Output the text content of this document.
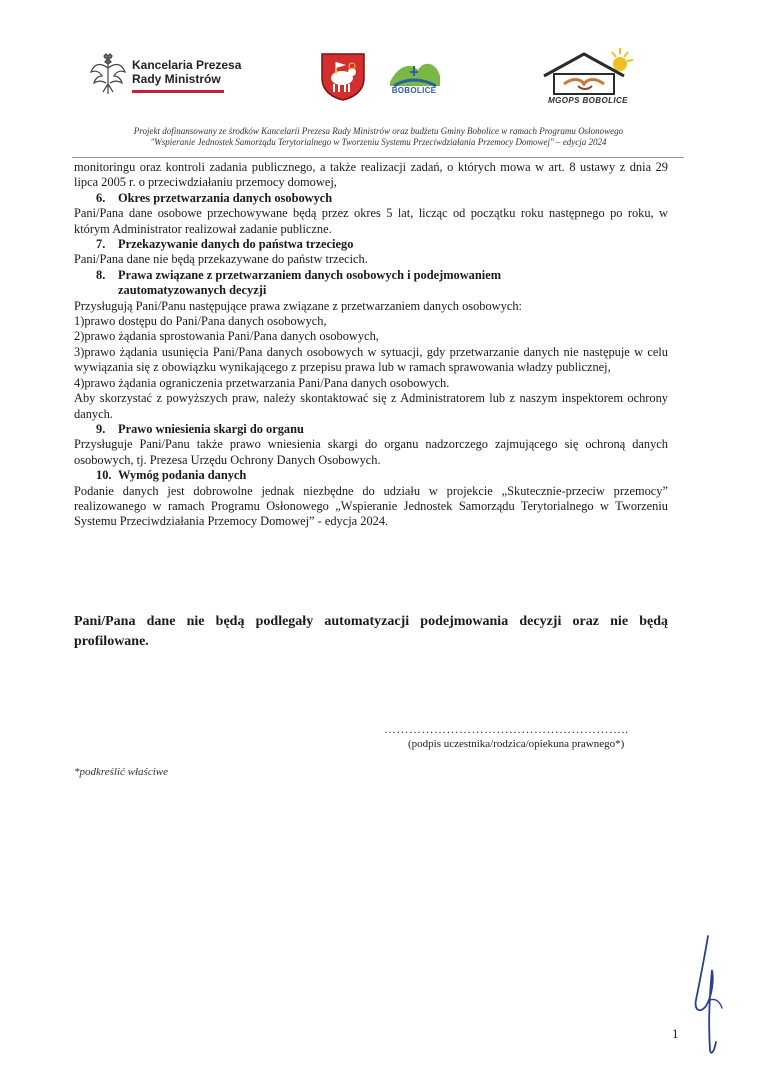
Kancelaria Prezesa
Rady Ministrów
BOBOLICE
MGOPS BOBOLICE
Projekt dofinansowany ze środków Kancelarii Prezesa Rady Ministrów oraz budżetu Gminy Bobolice w ramach Programu Osłonowego
"Wspieranie Jednostek Samorządu Terytorialnego w Tworzeniu Systemu Przeciwdziałania Przemocy Domowej" – edycja 2024

monitoringu oraz kontroli zadania publicznego, a także realizacji zadań, o których mowa w art. 8 ustawy z dnia 29 lipca 2005 r. o przeciwdziałaniu przemocy domowej,

6. Okres przetwarzania danych osobowych

Pani/Pana dane osobowe przechowywane będą przez okres 5 lat, licząc od początku roku następnego po roku, w którym Administrator realizował zadanie publiczne.

7. Przekazywanie danych do państwa trzeciego

Pani/Pana dane nie będą przekazywane do państw trzecich.

8.	Prawa związane z przetwarzaniem danych osobowych i podejmowaniem
zautomatyzowanych decyzji

Przysługują Pani/Panu następujące prawa związane z przetwarzaniem danych osobowych:

1)prawo dostępu do Pani/Pana danych osobowych,

2)prawo żądania sprostowania Pani/Pana danych osobowych,

3)prawo żądania usunięcia Pani/Pana danych osobowych w sytuacji, gdy przetwarzanie danych nie następuje w celu wywiązania się z obowiązku wynikającego z przepisu prawa lub w ramach sprawowania władzy publicznej,

4)prawo żądania ograniczenia przetwarzania Pani/Pana danych osobowych.

Aby skorzystać z powyższych praw, należy skontaktować się z Administratorem lub z naszym inspektorem ochrony danych.

9. Prawo wniesienia skargi do organu

Przysługuje Pani/Panu także prawo wniesienia skargi do organu nadzorczego zajmującego się ochroną danych osobowych, tj. Prezesa Urzędu Ochrony Danych Osobowych.

10. Wymóg podania danych

Podanie danych jest dobrowolne jednak niezbędne do udziału w projekcie „Skutecznie-przeciw przemocy” realizowanego w ramach Programu Osłonowego „Wspieranie Jednostek Samorządu Terytorialnego w Tworzeniu Systemu Przeciwdziałania Przemocy Domowej” - edycja 2024.

Pani/Pana dane nie będą podlegały automatyzacji podejmowania decyzji oraz nie będą profilowane.
…………………………………………………..
(podpis uczestnika/rodzica/opiekuna prawnego*)
*podkreślić właściwe
1
